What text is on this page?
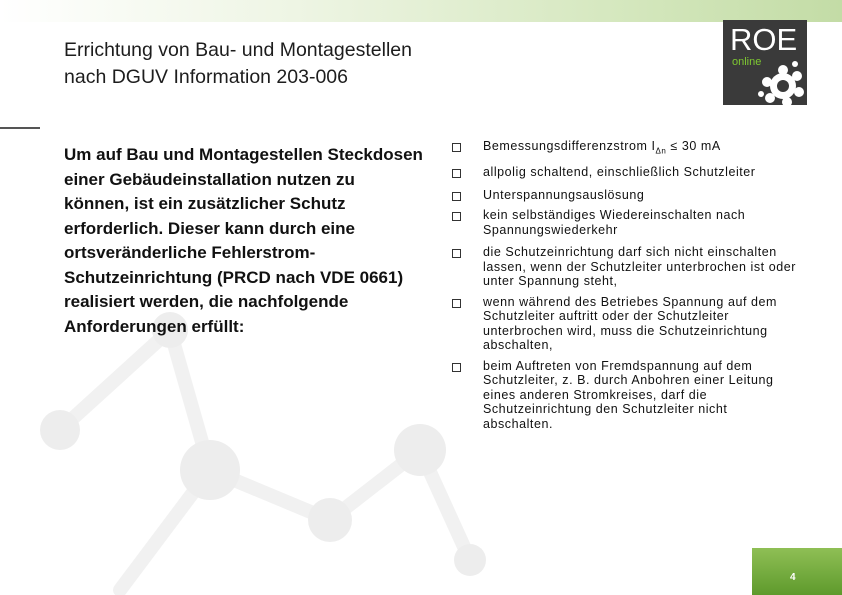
Errichtung von Bau- und Montagestellen
nach DGUV Information 203-006
ROE
online

Um auf Bau und Montagestellen Steckdosen einer Gebäudeinstallation nutzen zu können, ist ein zusätzlicher Schutz erforderlich. Dieser kann durch eine ortsveränderliche Fehlerstrom-Schutzeinrichtung (PRCD nach VDE 0661) realisiert werden, die nachfolgende Anforderungen erfüllt:

Bemessungsdifferenzstrom $I_{\Delta n} \le 30$ mA
allpolig schaltend, einschließlich Schutzleiter
Unterspannungsauslösung
kein selbständiges Wiedereinschalten nach Spannungswiederkehr
die Schutzeinrichtung darf sich nicht einschalten lassen, wenn der Schutzleiter unterbrochen ist oder unter Spannung steht,
wenn während des Betriebes Spannung auf dem Schutzleiter auftritt oder der Schutzleiter unterbrochen wird, muss die Schutzeinrichtung abschalten,
beim Auftreten von Fremdspannung auf dem Schutzleiter, z. B. durch Anbohren einer Leitung eines anderen Stromkreises, darf die Schutzeinrichtung den Schutzleiter nicht abschalten.
4
